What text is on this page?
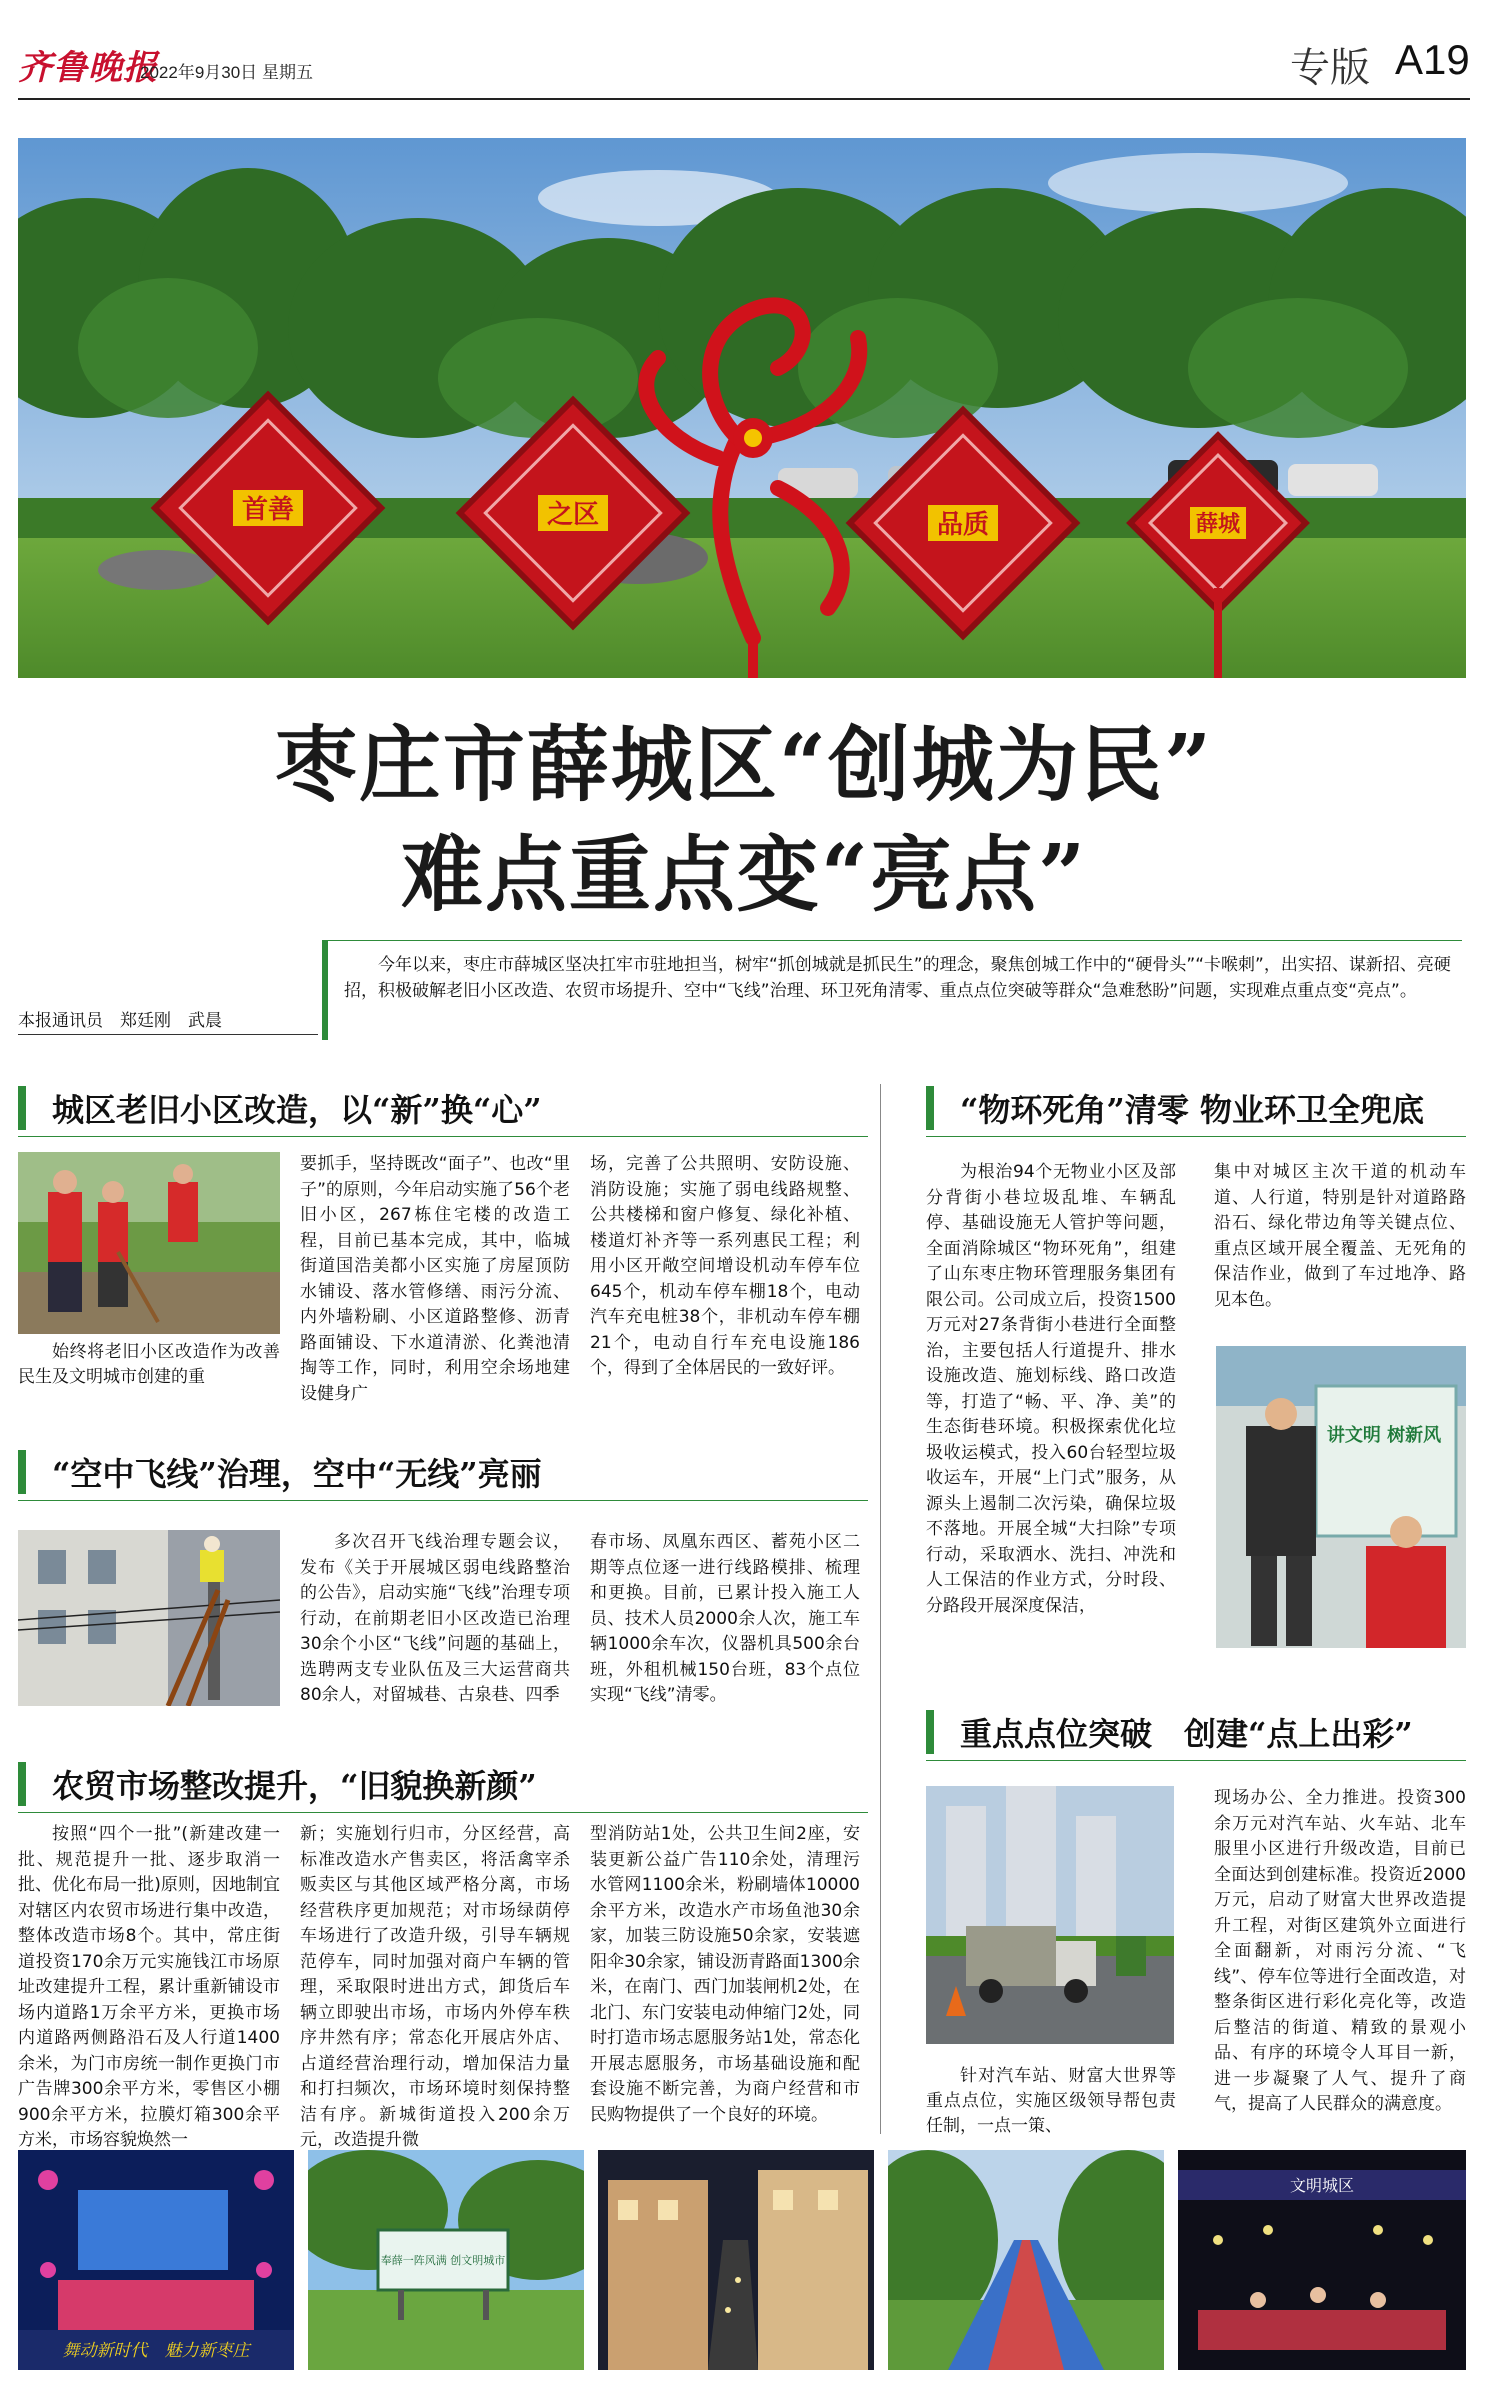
齐鲁晚报
2022年9月30日 星期五	专版 A19
首善	之区	品质	薛城
枣庄市薛城区“创城为民”
难点重点变“亮点”
今年以来，枣庄市薛城区坚决扛牢市驻地担当，树牢“抓创城就是抓民生”的理念，聚焦创城工作中的“硬骨头”“卡喉刺”，出实招、谋新招、亮硬招，积极破解老旧小区改造、农贸市场提升、空中“飞线”治理、环卫死角清零、重点点位突破等群众“急难愁盼”问题，实现难点重点变“亮点”。
本报通讯员　郑廷刚　武晨
城区老旧小区改造，以“新”换“心”
始终将老旧小区改造作为改善民生及文明城市创建的重
要抓手，坚持既改“面子”、也改“里子”的原则，今年启动实施了56个老旧小区，267栋住宅楼的改造工程，目前已基本完成，其中，临城街道国浩美都小区实施了房屋顶防水铺设、落水管修缮、雨污分流、内外墙粉刷、小区道路整修、沥青路面铺设、下水道清淤、化粪池清掏等工作，同时，利用空余场地建设健身广
场，完善了公共照明、安防设施、消防设施；实施了弱电线路规整、公共楼梯和窗户修复、绿化补植、楼道灯补齐等一系列惠民工程；利用小区开敞空间增设机动车停车位645个，机动车停车棚18个，电动汽车充电桩38个，非机动车停车棚21个，电动自行车充电设施186个，得到了全体居民的一致好评。
“空中飞线”治理，空中“无线”亮丽
多次召开飞线治理专题会议，发布《关于开展城区弱电线路整治的公告》，启动实施“飞线”治理专项行动，在前期老旧小区改造已治理30余个小区“飞线”问题的基础上，选聘两支专业队伍及三大运营商共80余人，对留城巷、古泉巷、四季
春市场、凤凰东西区、蓄苑小区二期等点位逐一进行线路模排、梳理和更换。目前，已累计投入施工人员、技术人员2000余人次，施工车辆1000余车次，仪器机具500余台班，外租机械150台班，83个点位实现“飞线”清零。
农贸市场整改提升，“旧貌换新颜”
按照“四个一批”(新建改建一批、规范提升一批、逐步取消一批、优化布局一批)原则，因地制宜对辖区内农贸市场进行集中改造，整体改造市场8个。其中，常庄街道投资170余万元实施钱江市场原址改建提升工程，累计重新铺设市场内道路1万余平方米，更换市场内道路两侧路沿石及人行道1400余米，为门市房统一制作更换门市广告牌300余平方米，零售区小棚900余平方米，拉膜灯箱300余平方米，市场容貌焕然一
新；实施划行归市，分区经营，高标准改造水产售卖区，将活禽宰杀贩卖区与其他区域严格分离，市场经营秩序更加规范；对市场绿荫停车场进行了改造升级，引导车辆规范停车，同时加强对商户车辆的管理，采取限时进出方式，卸货后车辆立即驶出市场，市场内外停车秩序井然有序；常态化开展店外店、占道经营治理行动，增加保洁力量和打扫频次，市场环境时刻保持整洁有序。新城街道投入200余万元，改造提升微
型消防站1处，公共卫生间2座，安装更新公益广告110余处，清理污水管网1100余米，粉刷墙体10000余平方米，改造水产市场鱼池30余家，加装三防设施50余家，安装遮阳伞30余家，铺设沥青路面1300余米，在南门、西门加装闸机2处，在北门、东门安装电动伸缩门2处，同时打造市场志愿服务站1处，常态化开展志愿服务，市场基础设施和配套设施不断完善，为商户经营和市民购物提供了一个良好的环境。
“物环死角”清零 物业环卫全兜底
为根治94个无物业小区及部分背街小巷垃圾乱堆、车辆乱停、基础设施无人管护等问题，全面消除城区“物环死角”，组建了山东枣庄物环管理服务集团有限公司。公司成立后，投资1500万元对27条背街小巷进行全面整治，主要包括人行道提升、排水设施改造、施划标线、路口改造等，打造了“畅、平、净、美”的生态街巷环境。积极探索优化垃圾收运模式，投入60台轻型垃圾收运车，开展“上门式”服务，从源头上遏制二次污染，确保垃圾不落地。开展全城“大扫除”专项行动，采取洒水、洗扫、冲洗和人工保洁的作业方式，分时段、分路段开展深度保洁，
集中对城区主次干道的机动车道、人行道，特别是针对道路路沿石、绿化带边角等关键点位、重点区域开展全覆盖、无死角的保洁作业，做到了车过地净、路见本色。
讲文明 树新风
重点点位突破　创建“点上出彩”
针对汽车站、财富大世界等重点点位，实施区级领导帮包责任制，一点一策、
现场办公、全力推进。投资300余万元对汽车站、火车站、北车服里小区进行升级改造，目前已全面达到创建标准。投资近2000万元，启动了财富大世界改造提升工程，对街区建筑外立面进行全面翻新，对雨污分流、“飞线”、停车位等进行全面改造，对整条街区进行彩化亮化等，改造后整洁的街道、精致的景观小品、有序的环境令人耳目一新，进一步凝聚了人气、提升了商气，提高了人民群众的满意度。
舞动新时代　魅力新枣庄
奉薛一阵风满 创文明城市
文明城区
